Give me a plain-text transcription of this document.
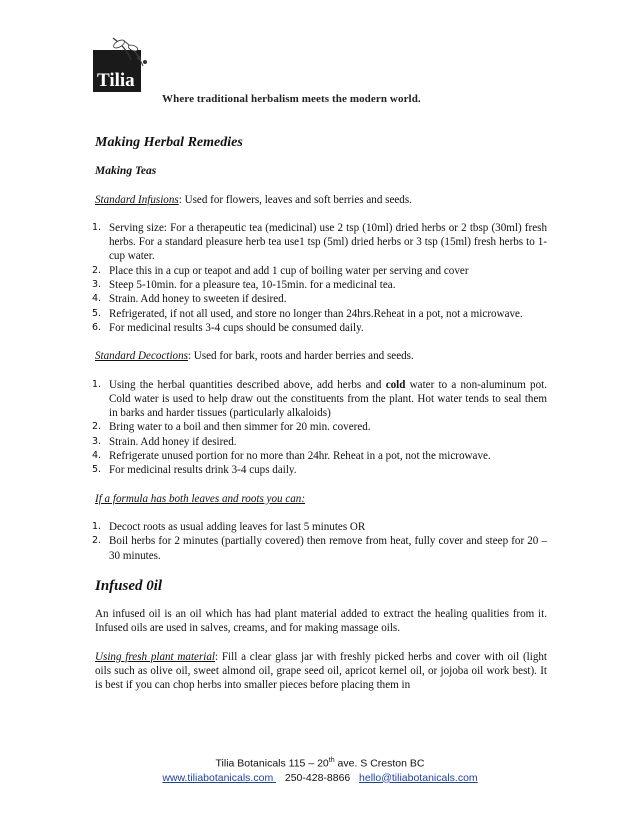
Tilia
Where traditional herbalism meets the modern world.
Making Herbal Remedies
Making Teas

Standard Infusions: Used for flowers, leaves and soft berries and seeds.

Serving size: For a therapeutic tea (medicinal) use 2 tsp (10ml) dried herbs or 2 tbsp (30ml) fresh herbs. For a standard pleasure herb tea use1 tsp (5ml) dried herbs or 3 tsp (15ml) fresh herbs to 1-cup water.
Place this in a cup or teapot and add 1 cup of boiling water per serving and cover
Steep 5-10min. for a pleasure tea, 10-15min. for a medicinal tea.
Strain. Add honey to sweeten if desired.
Refrigerated, if not all used, and store no longer than 24hrs.Reheat in a pot, not a microwave.
For medicinal results 3-4 cups should be consumed daily.

Standard Decoctions: Used for bark, roots and harder berries and seeds.

Using the herbal quantities described above, add herbs and cold water to a non-aluminum pot. Cold water is used to help draw out the constituents from the plant. Hot water tends to seal them in barks and harder tissues (particularly alkaloids)
Bring water to a boil and then simmer for 20 min. covered.
Strain. Add honey if desired.
Refrigerate unused portion for no more than 24hr. Reheat in a pot, not the microwave.
For medicinal results drink 3-4 cups daily.

If a formula has both leaves and roots you can:

Decoct roots as usual adding leaves for last 5 minutes OR
Boil herbs for 2 minutes (partially covered) then remove from heat, fully cover and steep for 20 –30 minutes.
Infused 0il

An infused oil is an oil which has had plant material added to extract the healing qualities from it. Infused oils are used in salves, creams, and for making massage oils.

Using fresh plant material: Fill a clear glass jar with freshly picked herbs and cover with oil (light oils such as olive oil, sweet almond oil, grape seed oil, apricot kernel oil, or jojoba oil work best). It is best if you can chop herbs into smaller pieces before placing them in

Tilia Botanicals 115 – 20th ave. S Creston BC
www.tiliabotanicals.com    250-428-8866 hello@tiliabotanicals.com
